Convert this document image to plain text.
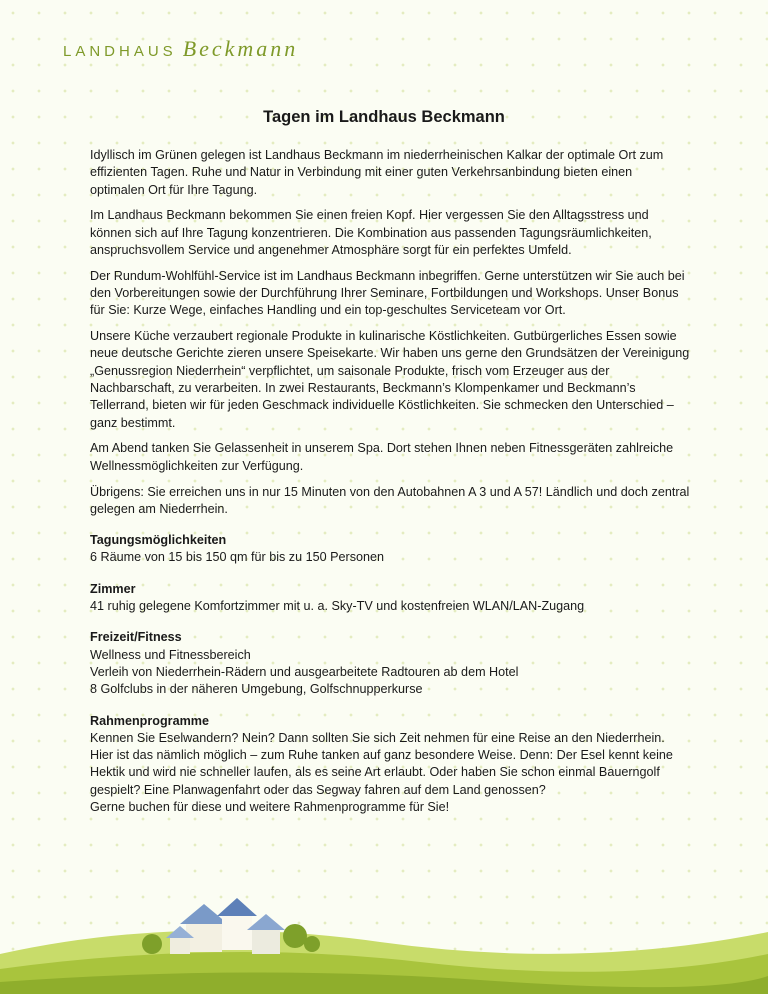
LANDHAUS Beckmann
Tagen im Landhaus Beckmann

Idyllisch im Grünen gelegen ist Landhaus Beckmann im niederrheinischen Kalkar der optimale Ort zum effizienten Tagen. Ruhe und Natur in Verbindung mit einer guten Verkehrsanbindung bieten einen optimalen Ort für Ihre Tagung.

Im Landhaus Beckmann bekommen Sie einen freien Kopf. Hier vergessen Sie den Alltagsstress und können sich auf Ihre Tagung konzentrieren. Die Kombination aus passenden Tagungsräumlichkeiten, anspruchsvollem Service und angenehmer Atmosphäre sorgt für ein perfektes Umfeld.

Der Rundum-Wohlfühl-Service ist im Landhaus Beckmann inbegriffen. Gerne unterstützen wir Sie auch bei den Vorbereitungen sowie der Durchführung Ihrer Seminare, Fortbildungen und Workshops. Unser Bonus für Sie: Kurze Wege, einfaches Handling und ein top-geschultes Serviceteam vor Ort.

Unsere Küche verzaubert regionale Produkte in kulinarische Köstlichkeiten. Gutbürgerliches Essen sowie neue deutsche Gerichte zieren unsere Speisekarte. Wir haben uns gerne den Grundsätzen der Vereinigung „Genussregion Niederrhein“ verpflichtet, um saisonale Produkte, frisch vom Erzeuger aus der Nachbarschaft, zu verarbeiten. In zwei Restaurants, Beckmann’s Klompenkamer und Beckmann’s Tellerrand, bieten wir für jeden Geschmack individuelle Köstlichkeiten. Sie schmecken den Unterschied – ganz bestimmt.

Am Abend tanken Sie Gelassenheit in unserem Spa. Dort stehen Ihnen neben Fitnessgeräten zahlreiche Wellnessmöglichkeiten zur Verfügung.

Übrigens: Sie erreichen uns in nur 15 Minuten von den Autobahnen A 3 und A 57! Ländlich und doch zentral gelegen am Niederrhein.

Tagungsmöglichkeiten
6 Räume von 15 bis 150 qm für bis zu 150 Personen
Zimmer
41 ruhig gelegene Komfortzimmer mit u. a. Sky-TV und kostenfreien WLAN/LAN-Zugang
Freizeit/Fitness
Wellness und Fitnessbereich
Verleih von Niederrhein-Rädern und ausgearbeitete Radtouren ab dem Hotel
8 Golfclubs in der näheren Umgebung, Golfschnupperkurse
Rahmenprogramme
Kennen Sie Eselwandern? Nein? Dann sollten Sie sich Zeit nehmen für eine Reise an den Niederrhein. Hier ist das nämlich möglich – zum Ruhe tanken auf ganz besondere Weise. Denn: Der Esel kennt keine Hektik und wird nie schneller laufen, als es seine Art erlaubt. Oder haben Sie schon einmal Bauerngolf gespielt? Eine Planwagenfahrt oder das Segway fahren auf dem Land genossen?
Gerne buchen für diese und weitere Rahmenprogramme für Sie!
